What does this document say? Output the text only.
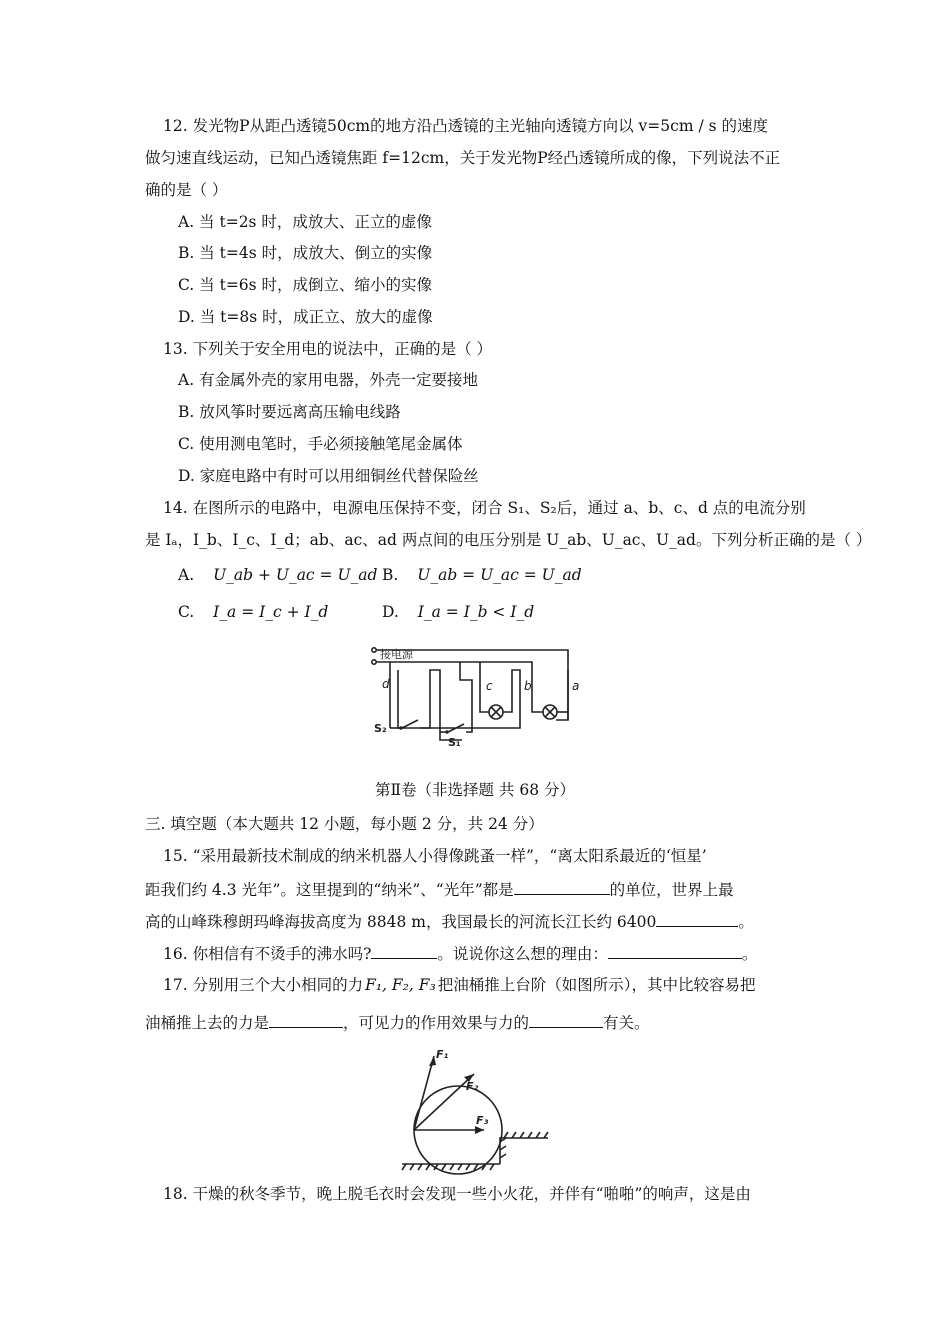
12. 发光物P从距凸透镜50cm的地方沿凸透镜的主光轴向透镜方向以 v=5cm / s 的速度
做匀速直线运动，已知凸透镜焦距 f=12cm，关于发光物P经凸透镜所成的像，下列说法不正
确的是（ ）
A. 当 t=2s 时，成放大、正立的虚像
B. 当 t=4s 时，成放大、倒立的实像
C. 当 t=6s 时，成倒立、缩小的实像
D. 当 t=8s 时，成正立、放大的虚像
13. 下列关于安全用电的说法中，正确的是（ ）
A. 有金属外壳的家用电器，外壳一定要接地
B. 放风筝时要远离高压输电线路
C. 使用测电笔时，手必须接触笔尾金属体
D. 家庭电路中有时可以用细铜丝代替保险丝
14. 在图所示的电路中，电源电压保持不变，闭合 S₁、S₂后，通过 a、b、c、d 点的电流分别
是 Iₐ，I_b、I_c、I_d；ab、ac、ad 两点间的电压分别是 U_ab、U_ac、U_ad。下列分析正确的是（ ）
A. U_ab + U_ac = U_ad B. U_ab = U_ac = U_ad
C. I_a = I_c + I_d	D. I_a = I_b < I_d
接电源
d	c	b	a
S₂
S₁
第Ⅱ卷（非选择题 共 68 分）
三. 填空题（本大题共 12 小题，每小题 2 分，共 24 分）
15. “采用最新技术制成的纳米机器人小得像跳蚤一样”，“离太阳系最近的‘恒星’
距我们约 4.3 光年”。这里提到的“纳米”、“光年”都是	的单位，世界上最
高的山峰珠穆朗玛峰海拔高度为 8848 m，我国最长的河流长江长约 6400	。
16. 你相信有不烫手的沸水吗?	。说说你这么想的理由：	。
17. 分别用三个大小相同的力 F₁, F₂, F₃ 把油桶推上台阶（如图所示），其中比较容易把
油桶推上去的力是	，可见力的作用效果与力的	有关。
F₁
F₂
F₃
18. 干燥的秋冬季节，晚上脱毛衣时会发现一些小火花，并伴有“啪啪”的响声，这是由
